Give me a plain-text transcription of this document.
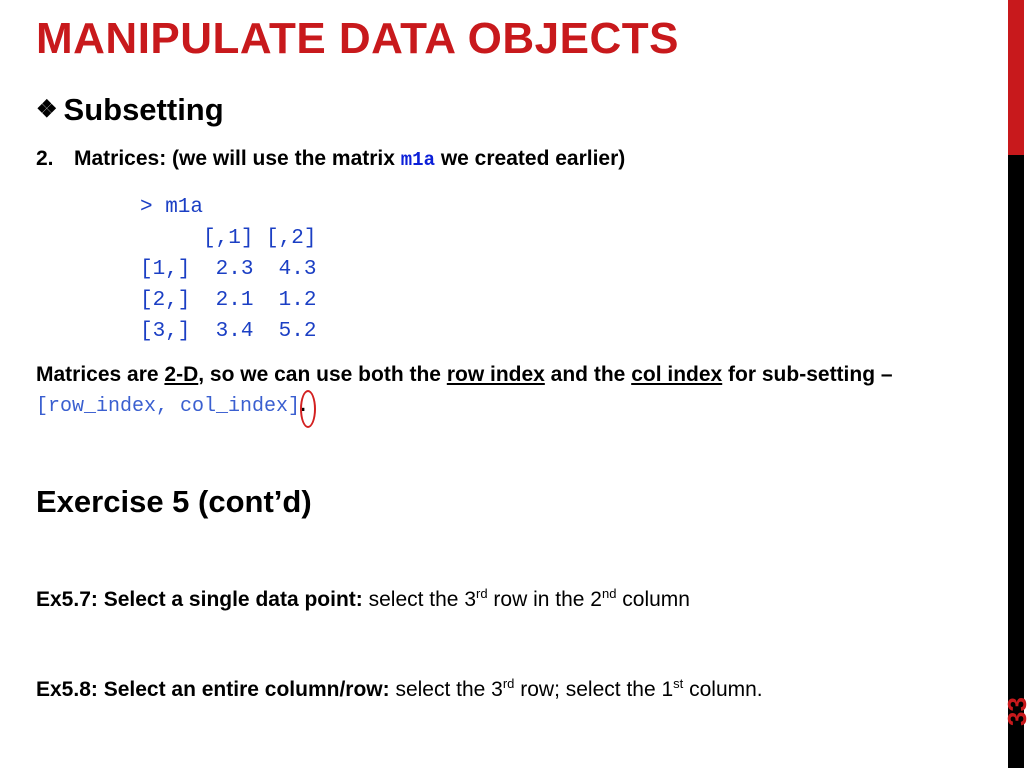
MANIPULATE DATA OBJECTS
33
❖ Subsetting
2. Matrices: (we will use the matrix m1a we created earlier)
> m1a
[,1] [,2]
[1,]  2.3  4.3
[2,]  2.1  1.2
[3,]  3.4  5.2
Matrices are 2-D, so we can use both the row index and the col index for sub-setting – [row_index, col_index].
Exercise 5 (cont’d)
Ex5.7: Select a single data point: select the 3rd row in the 2nd column
Ex5.8: Select an entire column/row: select the 3rd row; select the 1st column.
